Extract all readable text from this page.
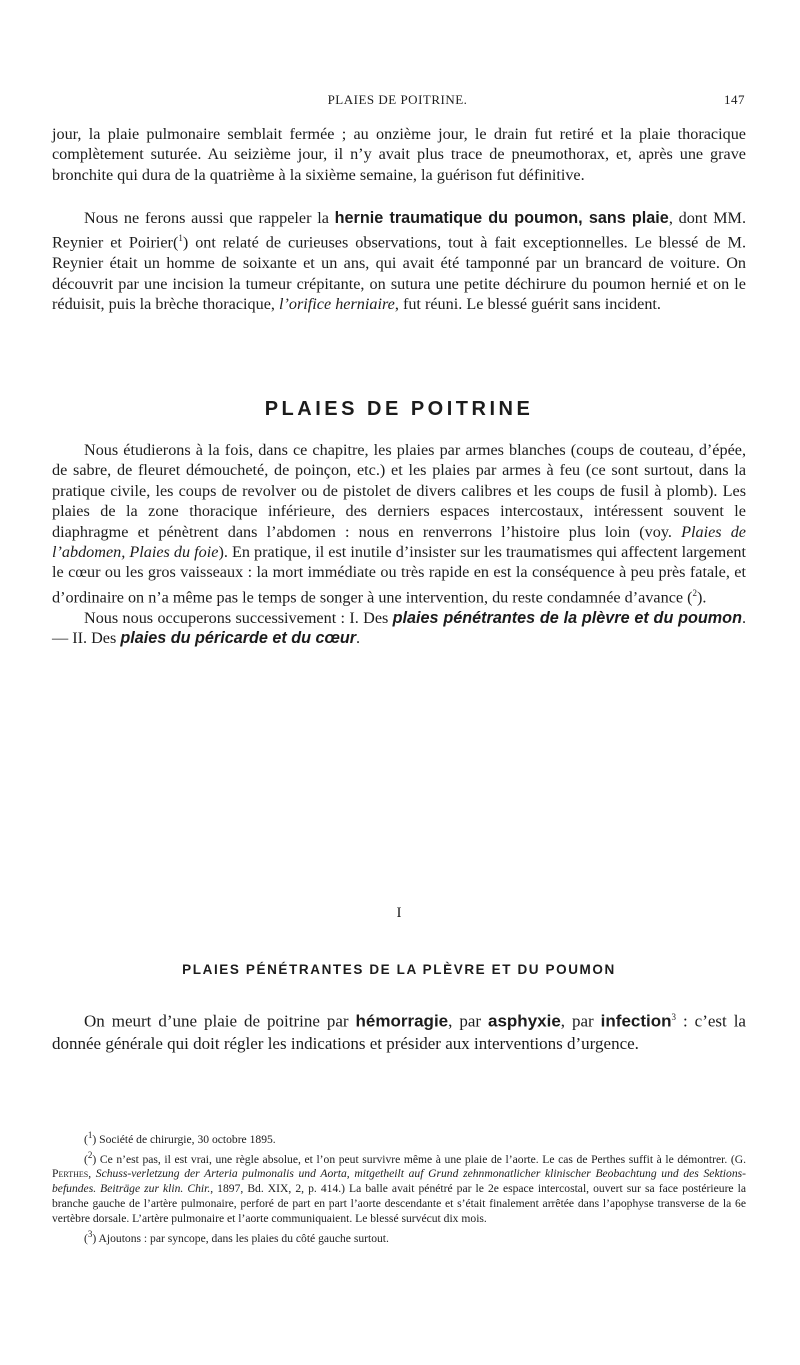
PLAIES DE POITRINE.	147

jour, la plaie pulmonaire semblait fermée ; au onzième jour, le drain fut retiré et la plaie thoracique complètement suturée. Au seizième jour, il n’y avait plus trace de pneumothorax, et, après une grave bronchite qui dura de la quatrième à la sixième semaine, la guérison fut définitive.

Nous ne ferons aussi que rappeler la hernie traumatique du poumon, sans plaie, dont MM. Reynier et Poirier($^1$) ont relaté de curieuses observations, tout à fait exceptionnelles. Le blessé de M. Reynier était un homme de soixante et un ans, qui avait été tamponné par un brancard de voiture. On découvrit par une incision la tumeur crépitante, on sutura une petite déchirure du poumon hernié et on le réduisit, puis la brèche thoracique, l’orifice herniaire, fut réuni. Le blessé guérit sans incident.

PLAIES DE POITRINE

Nous étudierons à la fois, dans ce chapitre, les plaies par armes blanches (coups de couteau, d’épée, de sabre, de fleuret démoucheté, de poinçon, etc.) et les plaies par armes à feu (ce sont surtout, dans la pratique civile, les coups de revolver ou de pistolet de divers calibres et les coups de fusil à plomb). Les plaies de la zone thoracique inférieure, des derniers espaces intercostaux, intéressent souvent le diaphragme et pénètrent dans l’abdomen : nous en renverrons l’histoire plus loin (voy. Plaies de l’abdomen, Plaies du foie). En pratique, il est inutile d’insister sur les traumatismes qui affectent largement le cœur ou les gros vaisseaux : la mort immédiate ou très rapide en est la conséquence à peu près fatale, et d’ordinaire on n’a même pas le temps de songer à une intervention, du reste condamnée d’avance ($^2$).

Nous nous occuperons successivement : I. Des plaies pénétrantes de la plèvre et du poumon. — II. Des plaies du péricarde et du cœur.

I
PLAIES PÉNÉTRANTES DE LA PLÈVRE ET DU POUMON

On meurt d’une plaie de poitrine par hémorragie, par asphyxie, par infection$^3$ : c’est la donnée générale qui doit régler les indications et présider aux interventions d’urgence.

($^1$) Société de chirurgie, 30 octobre 1895.

($^2$) Ce n’est pas, il est vrai, une règle absolue, et l’on peut survivre même à une plaie de l’aorte. Le cas de Perthes suffit à le démontrer. (G. Perthes, Schuss-verletzung der Arteria pulmonalis und Aorta, mitgetheilt auf Grund zehnmonatlicher klinischer Beobachtung und des Sektions-befundes. Beiträge zur klin. Chir., 1897, Bd. XIX, 2, p. 414.) La balle avait pénétré par le 2e espace intercostal, ouvert sur sa face postérieure la branche gauche de l’artère pulmonaire, perforé de part en part l’aorte descendante et s’était finalement arrêtée dans l’apophyse transverse de la 6e vertèbre dorsale. L’artère pulmonaire et l’aorte communiquaient. Le blessé survécut dix mois.

($^3$) Ajoutons : par syncope, dans les plaies du côté gauche surtout.
